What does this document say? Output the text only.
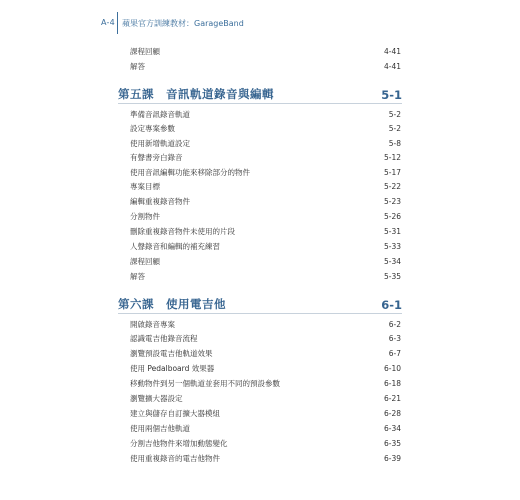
A-4 蘋果官方訓練教材：GarageBand
課程回顧	4-41
解答	4-41
第五課　音訊軌道錄音與編輯	5-1
準備音訊錄音軌道	5-2
設定專案參數	5-2
使用新增軌道設定	5-8
有聲書旁白錄音	5-12
使用音訊編輯功能來移除部分的物件	5-17
專案目標	5-22
編輯重複錄音物件	5-23
分割物件	5-26
刪除重複錄音物件未使用的片段	5-31
人聲錄音和編輯的補充練習	5-33
課程回顧	5-34
解答	5-35
第六課　使用電吉他	6-1
開啟錄音專案	6-2
認識電吉他錄音流程	6-3
瀏覽預設電吉他軌道效果	6-7
使用 Pedalboard 效果器	6-10
移動物件到另一個軌道並套用不同的預設參數	6-18
瀏覽擴大器設定	6-21
建立與儲存自訂擴大器模組	6-28
使用兩個吉他軌道	6-34
分割吉他物件來增加動態變化	6-35
使用重複錄音的電吉他物件	6-39
